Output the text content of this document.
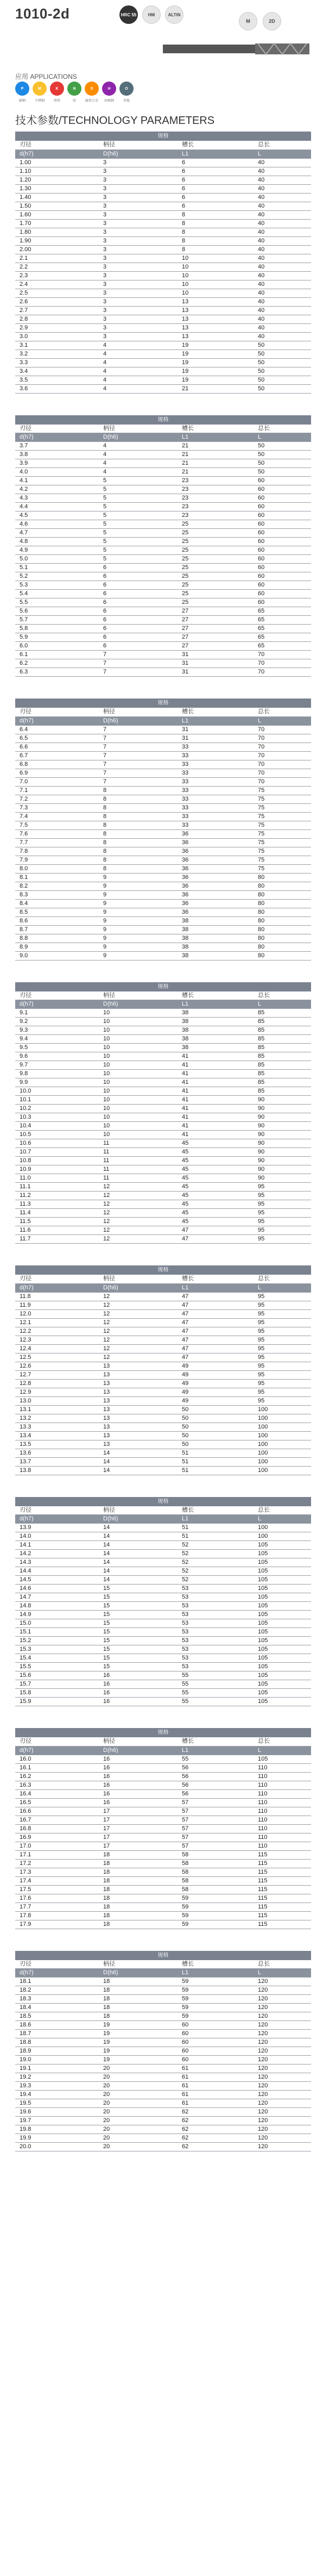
1010-2d	HRC 55	HM	ALTiN
M	2D
应用 APPLICATIONS
P	M	K	N	S	H	O
碳钢	不锈钢	铸铁	铝	耐热合金	淬硬钢	其他
技术参数/TECHNOLOGY PARAMETERS
规格
刃径	柄径	槽长	总长
d(h7)	D(h6)	L1	L
1.00	3	6	40
1.10	3	6	40
1.20	3	6	40
1.30	3	6	40
1.40	3	6	40
1.50	3	6	40
1.60	3	8	40
1.70	3	8	40
1.80	3	8	40
1.90	3	8	40
2.00	3	8	40
2.1	3	10	40
2.2	3	10	40
2.3	3	10	40
2.4	3	10	40
2.5	3	10	40
2.6	3	13	40
2.7	3	13	40
2.8	3	13	40
2.9	3	13	40
3.0	3	13	40
3.1	4	19	50
3.2	4	19	50
3.3	4	19	50
3.4	4	19	50
3.5	4	19	50
3.6	4	21	50
规格
刃径	柄径	槽长	总长
d(h7)	D(h6)	L1	L
3.7	4	21	50
3.8	4	21	50
3.9	4	21	50
4.0	4	21	50
4.1	5	23	60
4.2	5	23	60
4.3	5	23	60
4.4	5	23	60
4.5	5	23	60
4.6	5	25	60
4.7	5	25	60
4.8	5	25	60
4.9	5	25	60
5.0	5	25	60
5.1	6	25	60
5.2	6	25	60
5.3	6	25	60
5.4	6	25	60
5.5	6	25	60
5.6	6	27	65
5.7	6	27	65
5.8	6	27	65
5.9	6	27	65
6.0	6	27	65
6.1	7	31	70
6.2	7	31	70
6.3	7	31	70
规格
刃径	柄径	槽长	总长
d(h7)	D(h6)	L1	L
6.4	7	31	70
6.5	7	31	70
6.6	7	33	70
6.7	7	33	70
6.8	7	33	70
6.9	7	33	70
7.0	7	33	70
7.1	8	33	75
7.2	8	33	75
7.3	8	33	75
7.4	8	33	75
7.5	8	33	75
7.6	8	36	75
7.7	8	36	75
7.8	8	36	75
7.9	8	36	75
8.0	8	36	75
8.1	9	36	80
8.2	9	36	80
8.3	9	36	80
8.4	9	36	80
8.5	9	36	80
8.6	9	38	80
8.7	9	38	80
8.8	9	38	80
8.9	9	38	80
9.0	9	38	80
规格
刃径	柄径	槽长	总长
d(h7)	D(h6)	L1	L
9.1	10	38	85
9.2	10	38	85
9.3	10	38	85
9.4	10	38	85
9.5	10	38	85
9.6	10	41	85
9.7	10	41	85
9.8	10	41	85
9.9	10	41	85
10.0	10	41	85
10.1	10	41	90
10.2	10	41	90
10.3	10	41	90
10.4	10	41	90
10.5	10	41	90
10.6	11	45	90
10.7	11	45	90
10.8	11	45	90
10.9	11	45	90
11.0	11	45	90
11.1	12	45	95
11.2	12	45	95
11.3	12	45	95
11.4	12	45	95
11.5	12	45	95
11.6	12	47	95
11.7	12	47	95
规格
刃径	柄径	槽长	总长
d(h7)	D(h6)	L1	L
11.8	12	47	95
11.9	12	47	95
12.0	12	47	95
12.1	12	47	95
12.2	12	47	95
12.3	12	47	95
12.4	12	47	95
12.5	12	47	95
12.6	13	49	95
12.7	13	49	95
12.8	13	49	95
12.9	13	49	95
13.0	13	49	95
13.1	13	50	100
13.2	13	50	100
13.3	13	50	100
13.4	13	50	100
13.5	13	50	100
13.6	14	51	100
13.7	14	51	100
13.8	14	51	100
规格
刃径	柄径	槽长	总长
d(h7)	D(h6)	L1	L
13.9	14	51	100
14.0	14	51	100
14.1	14	52	105
14.2	14	52	105
14.3	14	52	105
14.4	14	52	105
14.5	14	52	105
14.6	15	53	105
14.7	15	53	105
14.8	15	53	105
14.9	15	53	105
15.0	15	53	105
15.1	15	53	105
15.2	15	53	105
15.3	15	53	105
15.4	15	53	105
15.5	15	53	105
15.6	16	55	105
15.7	16	55	105
15.8	16	55	105
15.9	16	55	105
规格
刃径	柄径	槽长	总长
d(h7)	D(h6)	L1	L
16.0	16	55	105
16.1	16	56	110
16.2	16	56	110
16.3	16	56	110
16.4	16	56	110
16.5	16	57	110
16.6	17	57	110
16.7	17	57	110
16.8	17	57	110
16.9	17	57	110
17.0	17	57	110
17.1	18	58	115
17.2	18	58	115
17.3	18	58	115
17.4	18	58	115
17.5	18	58	115
17.6	18	59	115
17.7	18	59	115
17.8	18	59	115
17.9	18	59	115
规格
刃径	柄径	槽长	总长
d(h7)	D(h6)	L1	L
18.1	18	59	120
18.2	18	59	120
18.3	18	59	120
18.4	18	59	120
18.5	18	59	120
18.6	19	60	120
18.7	19	60	120
18.8	19	60	120
18.9	19	60	120
19.0	19	60	120
19.1	20	61	120
19.2	20	61	120
19.3	20	61	120
19.4	20	61	120
19.5	20	61	120
19.6	20	62	120
19.7	20	62	120
19.8	20	62	120
19.9	20	62	120
20.0	20	62	120
